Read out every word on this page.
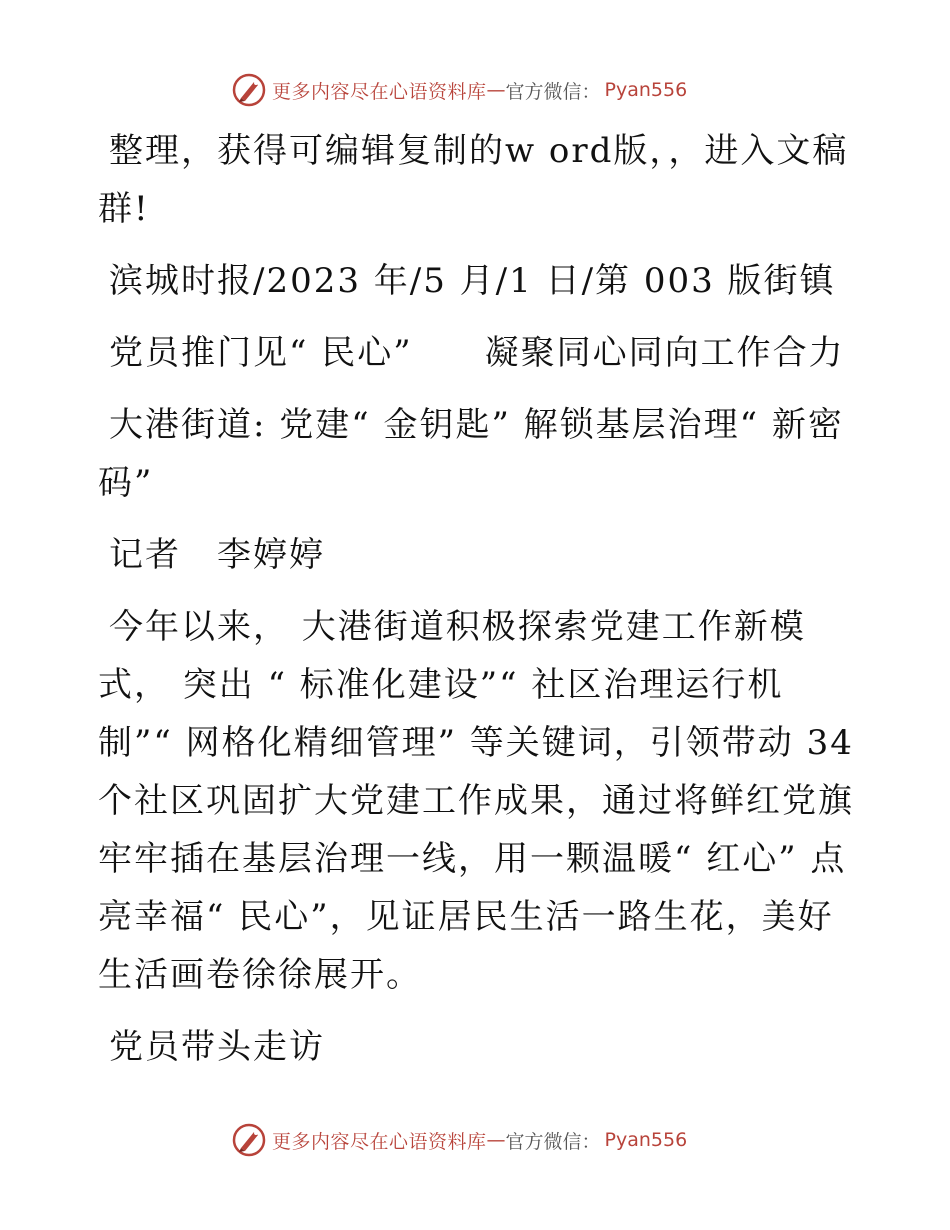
更多内容尽在心语资料库 — 官方微信： Pyan556

整理，获得可编辑复制的w ord版，，进入文稿群!

滨城时报/2023 年/5 月/1 日/第 003 版街镇

党员推门见“ 民心”　　凝聚同心同向工作合力

大港街道: 党建“ 金钥匙” 解锁基层治理“ 新密码”

记者　李婷婷

今年以来， 大港街道积极探索党建工作新模式， 突出 “ 标准化建设”“ 社区治理运行机制”“ 网格化精细管理” 等关键词，引领带动 34 个社区巩固扩大党建工作成果，通过将鲜红党旗牢牢插在基层治理一线，用一颗温暖“ 红心” 点亮幸福“ 民心”，见证居民生活一路生花，美好生活画卷徐徐展开。

党员带头走访

更多内容尽在心语资料库 — 官方微信： Pyan556
